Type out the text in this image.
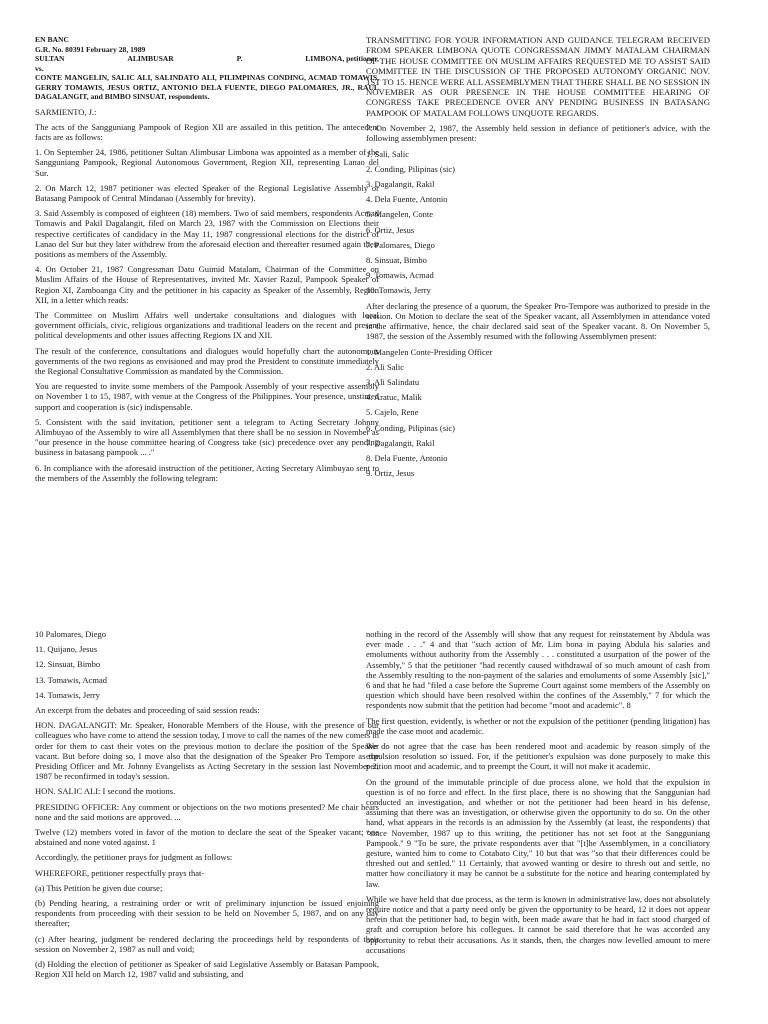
EN BANC

G.R. No. 80391 February 28, 1989

SULTAN	ALIMBUSAR	P.	LIMBONA, petitioner,

vs.

CONTE MANGELIN, SALIC ALI, SALINDATO ALI, PILIMPINAS CONDING, ACMAD TOMAWIS, GERRY TOMAWIS, JESUS ORTIZ, ANTONIO DELA FUENTE, DIEGO PALOMARES, JR., RAUL DAGALANGIT, and BIMBO SINSUAT, respondents.

SARMIENTO, J.:

The acts of the Sangguniang Pampook of Region XII are assailed in this petition. The antecedent facts are as follows:

1. On September 24, 1986, petitioner Sultan Alimbusar Limbona was appointed as a member of the Sangguniang Pampook, Regional Autonomous Government, Region XII, representing Lanao del Sur.

2. On March 12, 1987 petitioner was elected Speaker of the Regional Legislative Assembly or Batasang Pampook of Central Mindanao (Assembly for brevity).

3. Said Assembly is composed of eighteen (18) members. Two of said members, respondents Acmad Tomawis and Pakil Dagalangit, filed on March 23, 1987 with the Commission on Elections their respective certificates of candidacy in the May 11, 1987 congressional elections for the district of Lanao del Sur but they later withdrew from the aforesaid election and thereafter resumed again their positions as members of the Assembly.

4. On October 21, 1987 Congressman Datu Guimid Matalam, Chairman of the Committee on Muslim Affairs of the House of Representatives, invited Mr. Xavier Razul, Pampook Speaker of Region XI, Zamboanga City and the petitioner in his capacity as Speaker of the Assembly, Region XII, in a letter which reads:

The Committee on Muslim Affairs well undertake consultations and dialogues with local government officials, civic, religious organizations and traditional leaders on the recent and present political developments and other issues affecting Regions IX and XII.

The result of the conference, consultations and dialogues would hopefully chart the autonomous governments of the two regions as envisioned and may prod the President to constitute immediately the Regional Consultative Commission as mandated by the Commission.

You are requested to invite some members of the Pampook Assembly of your respective assembly on November 1 to 15, 1987, with venue at the Congress of the Philippines. Your presence, unstinted support and cooperation is (sic) indispensable.

5. Consistent with the said invitation, petitioner sent a telegram to Acting Secretary Johnny Alimbuyao of the Assembly to wire all Assemblymen that there shall be no session in November as "our presence in the house committee hearing of Congress take (sic) precedence over any pending business in batasang pampook ... ."

6. In compliance with the aforesaid instruction of the petitioner, Acting Secretary Alimbuyao sent to the members of the Assembly the following telegram:

TRANSMITTING FOR YOUR INFORMATION AND GUIDANCE TELEGRAM RECEIVED FROM SPEAKER LIMBONA QUOTE CONGRESSMAN JIMMY MATALAM CHAIRMAN OF THE HOUSE COMMITTEE ON MUSLIM AFFAIRS REQUESTED ME TO ASSIST SAID COMMITTEE IN THE DISCUSSION OF THE PROPOSED AUTONOMY ORGANIC NOV. 1ST TO 15. HENCE WERE ALL ASSEMBLYMEN THAT THERE SHALL BE NO SESSION IN NOVEMBER AS OUR PRESENCE IN THE HOUSE COMMITTEE HEARING OF CONGRESS TAKE PRECEDENCE OVER ANY PENDING BUSINESS IN BATASANG PAMPOOK OF MATALAM FOLLOWS UNQUOTE REGARDS.

7. On November 2, 1987, the Assembly held session in defiance of petitioner's advice, with the following assemblymen present:

1. Sali, Salic

2. Conding, Pilipinas (sic)

3. Dagalangit, Rakil

4. Dela Fuente, Antonio

5. Mangelen, Conte

6. Ortiz, Jesus

7. Palomares, Diego

8. Sinsuat, Bimbo

9. Tomawis, Acmad

10. Tomawis, Jerry

After declaring the presence of a quorum, the Speaker Pro-Tempore was authorized to preside in the session. On Motion to declare the seat of the Speaker vacant, all Assemblymen in attendance voted in the affirmative, hence, the chair declared said seat of the Speaker vacant. 8. On November 5, 1987, the session of the Assembly resumed with the following Assemblymen present:

1. Mangelen Conte-Presiding Officer

2. Ali Salic

3. Ali Salindatu

4. Aratuc, Malik

5. Cajelo, Rene

6. Conding, Pilipinas (sic)

7. Dagalangit, Rakil

8. Dela Fuente, Antonio

9. Ortiz, Jesus

10 Palomares, Diego

11. Quijano, Jesus

12. Sinsuat, Bimbo

13. Tomawis, Acmad

14. Tomawis, Jerry

An excerpt from the debates and proceeding of said session reads:

HON. DAGALANGIT: Mr. Speaker, Honorable Members of the House, with the presence of our colleagues who have come to attend the session today, I move to call the names of the new comers in order for them to cast their votes on the previous motion to declare the position of the Speaker vacant. But before doing so, I move also that the designation of the Speaker Pro Tempore as the Presiding Officer and Mr. Johnny Evangelists as Acting Secretary in the session last November 2, 1987 be reconfirmed in today's session.

HON. SALIC ALI: I second the motions.

PRESIDING OFFICER: Any comment or objections on the two motions presented? Me chair hears none and the said motions are approved. ...

Twelve (12) members voted in favor of the motion to declare the seat of the Speaker vacant; one abstained and none voted against. 1

Accordingly, the petitioner prays for judgment as follows:

WHEREFORE, petitioner respectfully prays that-

(a) This Petition be given due course;

(b) Pending hearing, a restraining order or writ of preliminary injunction be issued enjoining respondents from proceeding with their session to be held on November 5, 1987, and on any day thereafter;

(c) After hearing, judgment be rendered declaring the proceedings held by respondents of their session on November 2, 1987 as null and void;

(d) Holding the election of petitioner as Speaker of said Legislative Assembly or Batasan Pampook, Region XII held on March 12, 1987 valid and subsisting, and

nothing in the record of the Assembly will show that any request for reinstatement by Abdula was ever made . . ." 4 and that "such action of Mr. Lim bona in paying Abdula his salaries and emoluments without authority from the Assembly . . . constituted a usurpation of the power of the Assembly," 5 that the petitioner "had recently caused withdrawal of so much amount of cash from the Assembly resulting to the non-payment of the salaries and emoluments of some Assembly [sic]," 6 and that he had "filed a case before the Supreme Court against some members of the Assembly on question which should have been resolved within the confines of the Assembly," 7 for which the respondents now submit that the petition had become "moot and academic". 8

The first question, evidently, is whether or not the expulsion of the petitioner (pending litigation) has made the case moot and academic.

We do not agree that the case has been rendered moot and academic by reason simply of the expulsion resolution so issued. For, if the petitioner's expulsion was done purposely to make this petition moot and academic, and to preempt the Court, it will not make it academic.

On the ground of the immutable principle of due process alone, we hold that the expulsion in question is of no force and effect. In the first place, there is no showing that the Sanggunian had conducted an investigation, and whether or not the petitioner had been heard in his defense, assuming that there was an investigation, or otherwise given the opportunity to do so. On the other hand, what appears in the records is an admission by the Assembly (at least, the respondents) that "since November, 1987 up to this writing, the petitioner has not set foot at the Sangguniang Pampook." 9 "To be sure, the private respondents aver that "[t]he Assemblymen, in a conciliatory gesture, wanted him to come to Cotabato City," 10 but that was "so that their differences could be threshed out and settled." 11 Certainly, that avowed wanting or desire to thresh out and settle, no matter how conciliatory it may be cannot be a substitute for the notice and hearing contemplated by law.

While we have held that due process, as the term is known in administrative law, does not absolutely require notice and that a party need only be given the opportunity to be heard, 12 it does not appear herein that the petitioner had, to begin with, been made aware that he had in fact stood charged of graft and corruption before his collegues. It cannot be said therefore that he was accorded any opportunity to rebut their accusations. As it stands, then, the charges now levelled amount to mere accusations
